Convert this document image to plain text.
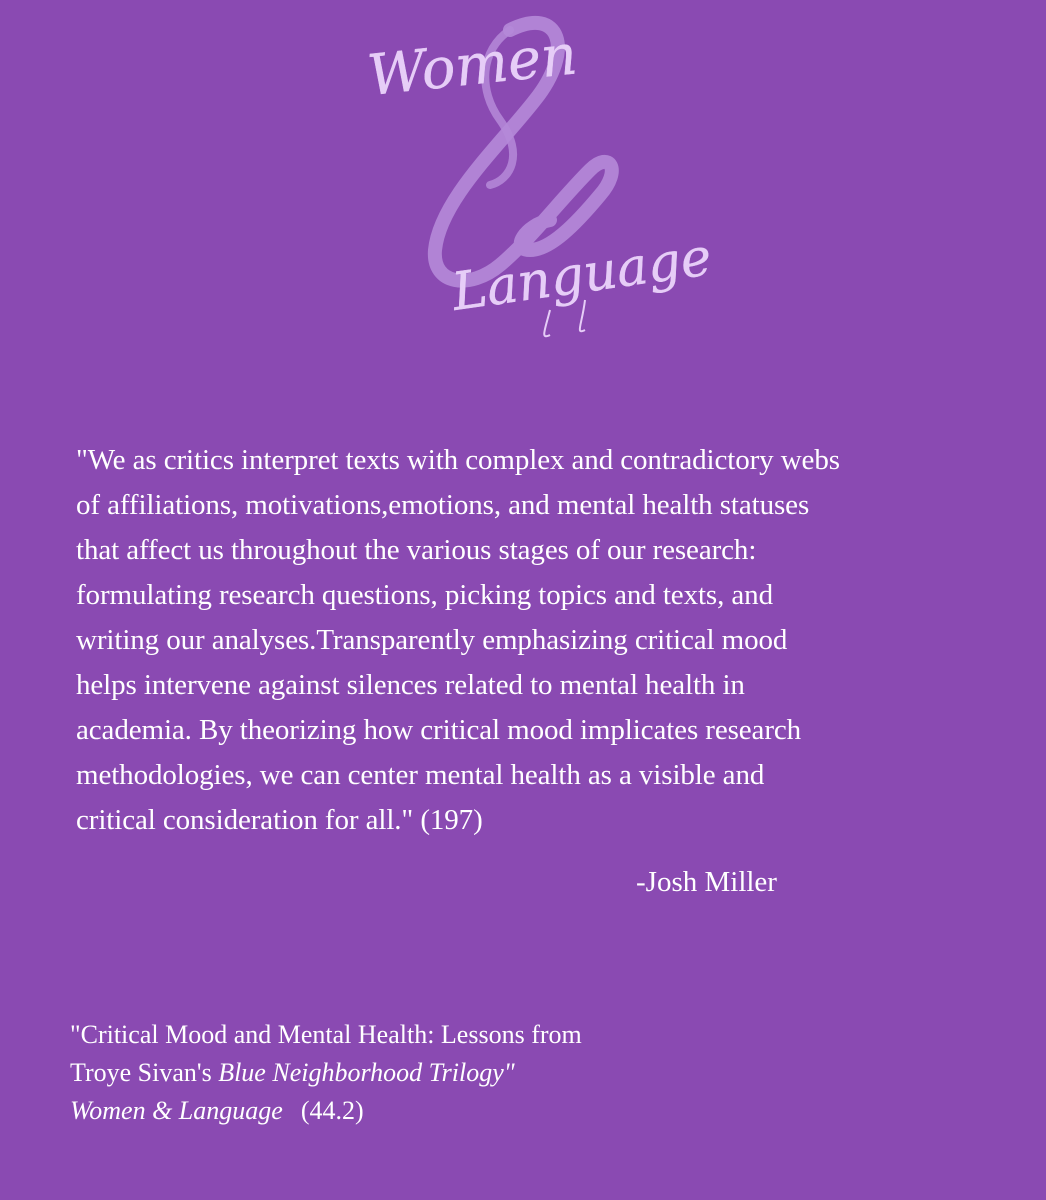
Women
Language

"We as critics interpret texts with complex and contradictory webs
of affiliations, motivations,emotions, and mental health statuses
that affect us throughout the various stages of our research:
formulating research questions, picking topics and texts, and
writing our analyses.Transparently emphasizing critical mood
helps intervene against silences related to mental health in
academia. By theorizing how critical mood implicates research
methodologies, we can center mental health as a visible and
critical consideration for all." (197)

-Josh Miller

"Critical Mood and Mental Health: Lessons from
Troye Sivan's Blue Neighborhood Trilogy"
Women & Language (44.2)
